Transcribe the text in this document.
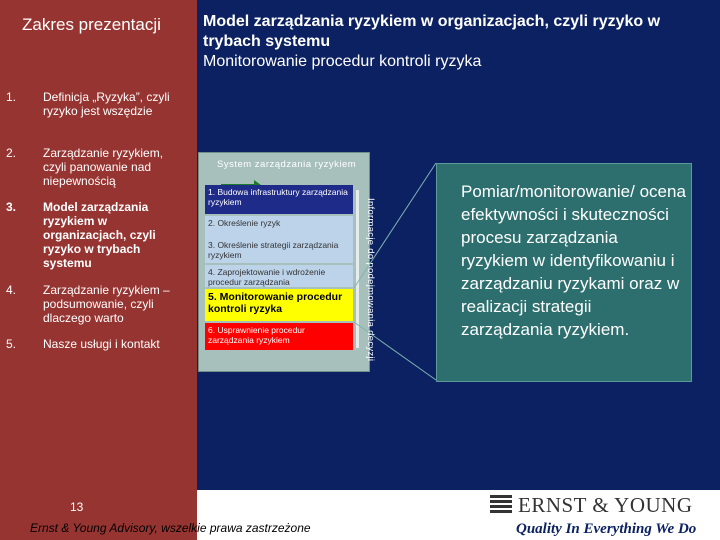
Zakres prezentacji
1. Definicja „Ryzyka”, czyli ryzyko jest wszędzie
2. Zarządzanie ryzykiem, czyli panowanie nad niepewnością
3. Model zarządzania ryzykiem w organizacjach, czyli ryzyko w trybach systemu
4. Zarządzanie ryzykiem – podsumowanie, czyli dlaczego warto
5. Nasze usługi i kontakt
Model zarządzania ryzykiem w organizacjach, czyli ryzyko w trybach systemu
Monitorowanie procedur kontroli ryzyka
System zarządzania ryzykiem
1. Budowa infrastruktury zarządzania ryzykiem
2. Określenie ryzyk
3. Określenie strategii zarządzania ryzykiem
4. Zaprojektowanie i wdrożenie procedur zarządzania
5. Monitorowanie procedur kontroli ryzyka
6. Usprawnienie procedur zarządzania ryzykiem	Informacje do podejmowania decyzji
Pomiar/monitorowanie/ ocena efektywności i skuteczności procesu zarządzania ryzykiem w identyfikowaniu i zarządzaniu ryzykami oraz w realizacji strategii zarządzania ryzykiem.
13
Ernst & Young Advisory, wszelkie prawa zastrzeżone
ERNST & YOUNG
Quality In Everything We Do
